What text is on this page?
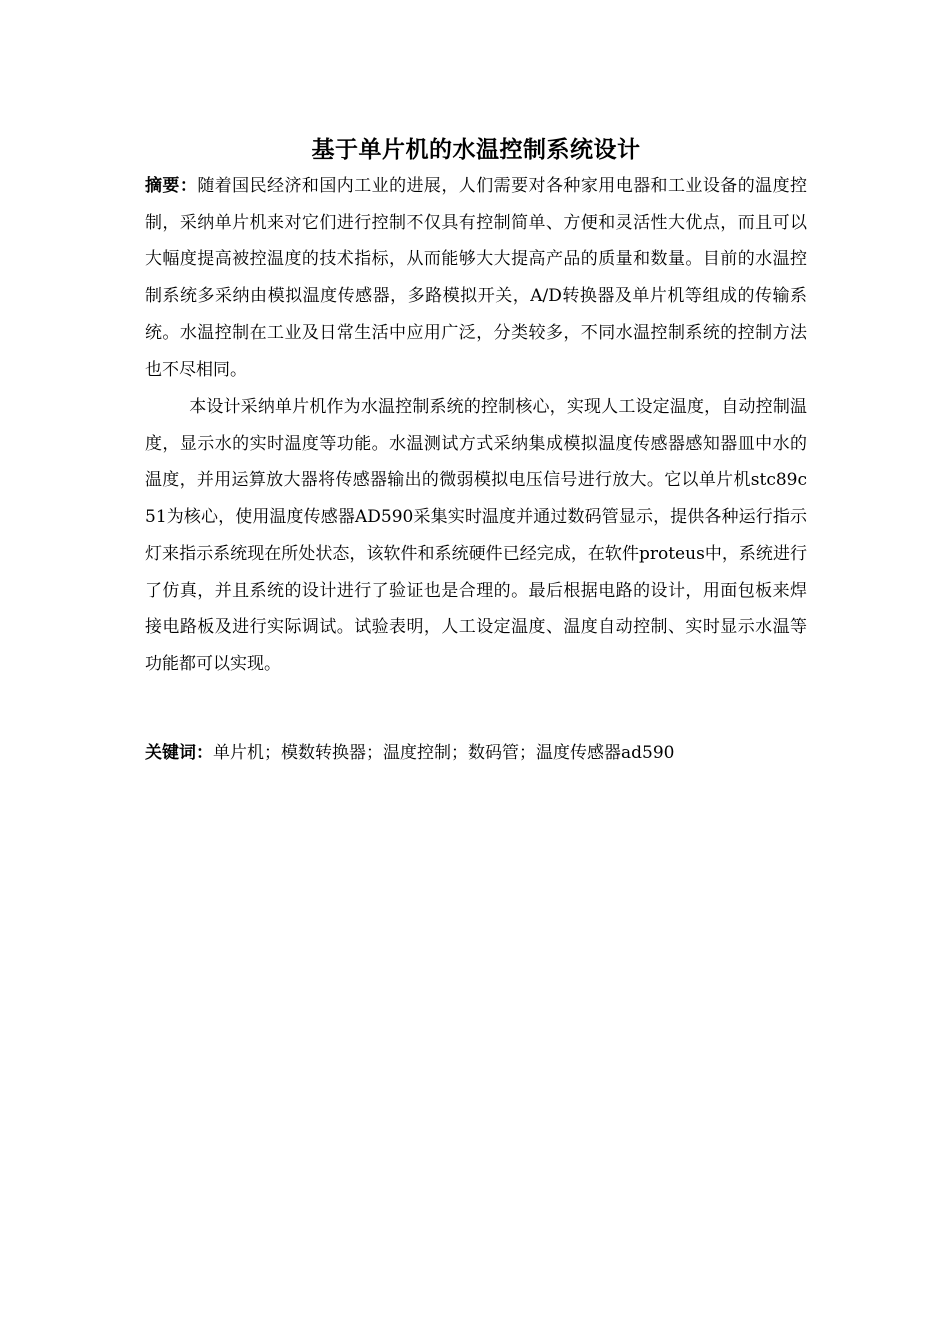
基于单片机的水温控制系统设计

摘要：随着国民经济和国内工业的进展，人们需要对各种家用电器和工业设备的温度控制，采纳单片机来对它们进行控制不仅具有控制简单、方便和灵活性大优点，而且可以大幅度提高被控温度的技术指标，从而能够大大提高产品的质量和数量。目前的水温控制系统多采纳由模拟温度传感器，多路模拟开关，A/D转换器及单片机等组成的传输系统。水温控制在工业及日常生活中应用广泛，分类较多，不同水温控制系统的控制方法也不尽相同。

本设计采纳单片机作为水温控制系统的控制核心，实现人工设定温度，自动控制温度，显示水的实时温度等功能。水温测试方式采纳集成模拟温度传感器感知器皿中水的温度，并用运算放大器将传感器输出的微弱模拟电压信号进行放大。它以单片机stc89c51为核心，使用温度传感器AD590采集实时温度并通过数码管显示，提供各种运行指示灯来指示系统现在所处状态，该软件和系统硬件已经完成，在软件proteus中，系统进行了仿真，并且系统的设计进行了验证也是合理的。最后根据电路的设计，用面包板来焊接电路板及进行实际调试。试验表明，人工设定温度、温度自动控制、实时显示水温等功能都可以实现。

关键词：单片机；模数转换器；温度控制；数码管；温度传感器ad590
